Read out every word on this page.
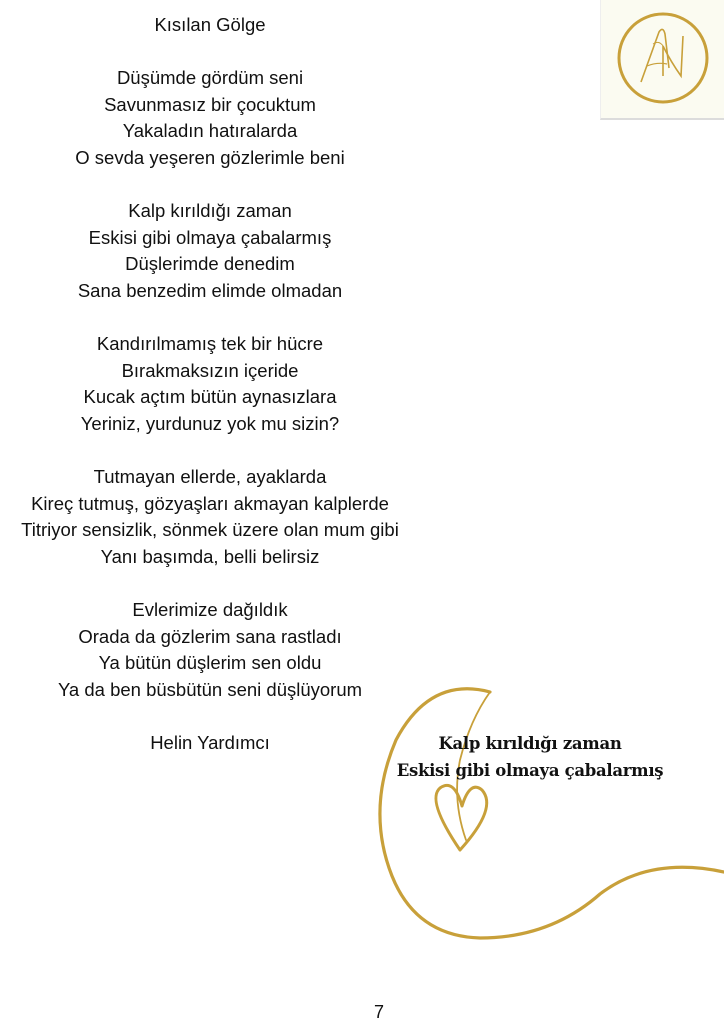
Kısılan Gölge
Düşümde gördüm seni
Savunmasız bir çocuktum
Yakaladın hatıralarda
O sevda yeşeren gözlerimle beni
Kalp kırıldığı zaman
Eskisi gibi olmaya çabalarmış
Düşlerimde denedim
Sana benzedim elimde olmadan
Kandırılmamış tek bir hücre
Bırakmaksızın içeride
Kucak açtım bütün aynasızlara
Yeriniz, yurdunuz yok mu sizin?
Tutmayan ellerde, ayaklarda
Kireç tutmuş, gözyaşları akmayan kalplerde
Titriyor sensizlik, sönmek üzere olan mum gibi
Yanı başımda, belli belirsiz
Evlerimize dağıldık
Orada da gözlerim sana rastladı
Ya bütün düşlerim sen oldu
Ya da ben büsbütün seni düşlüyorum
Helin Yardımcı	Kalp kırıldığı zaman
Eskisi gibi olmaya çabalarmış
7
